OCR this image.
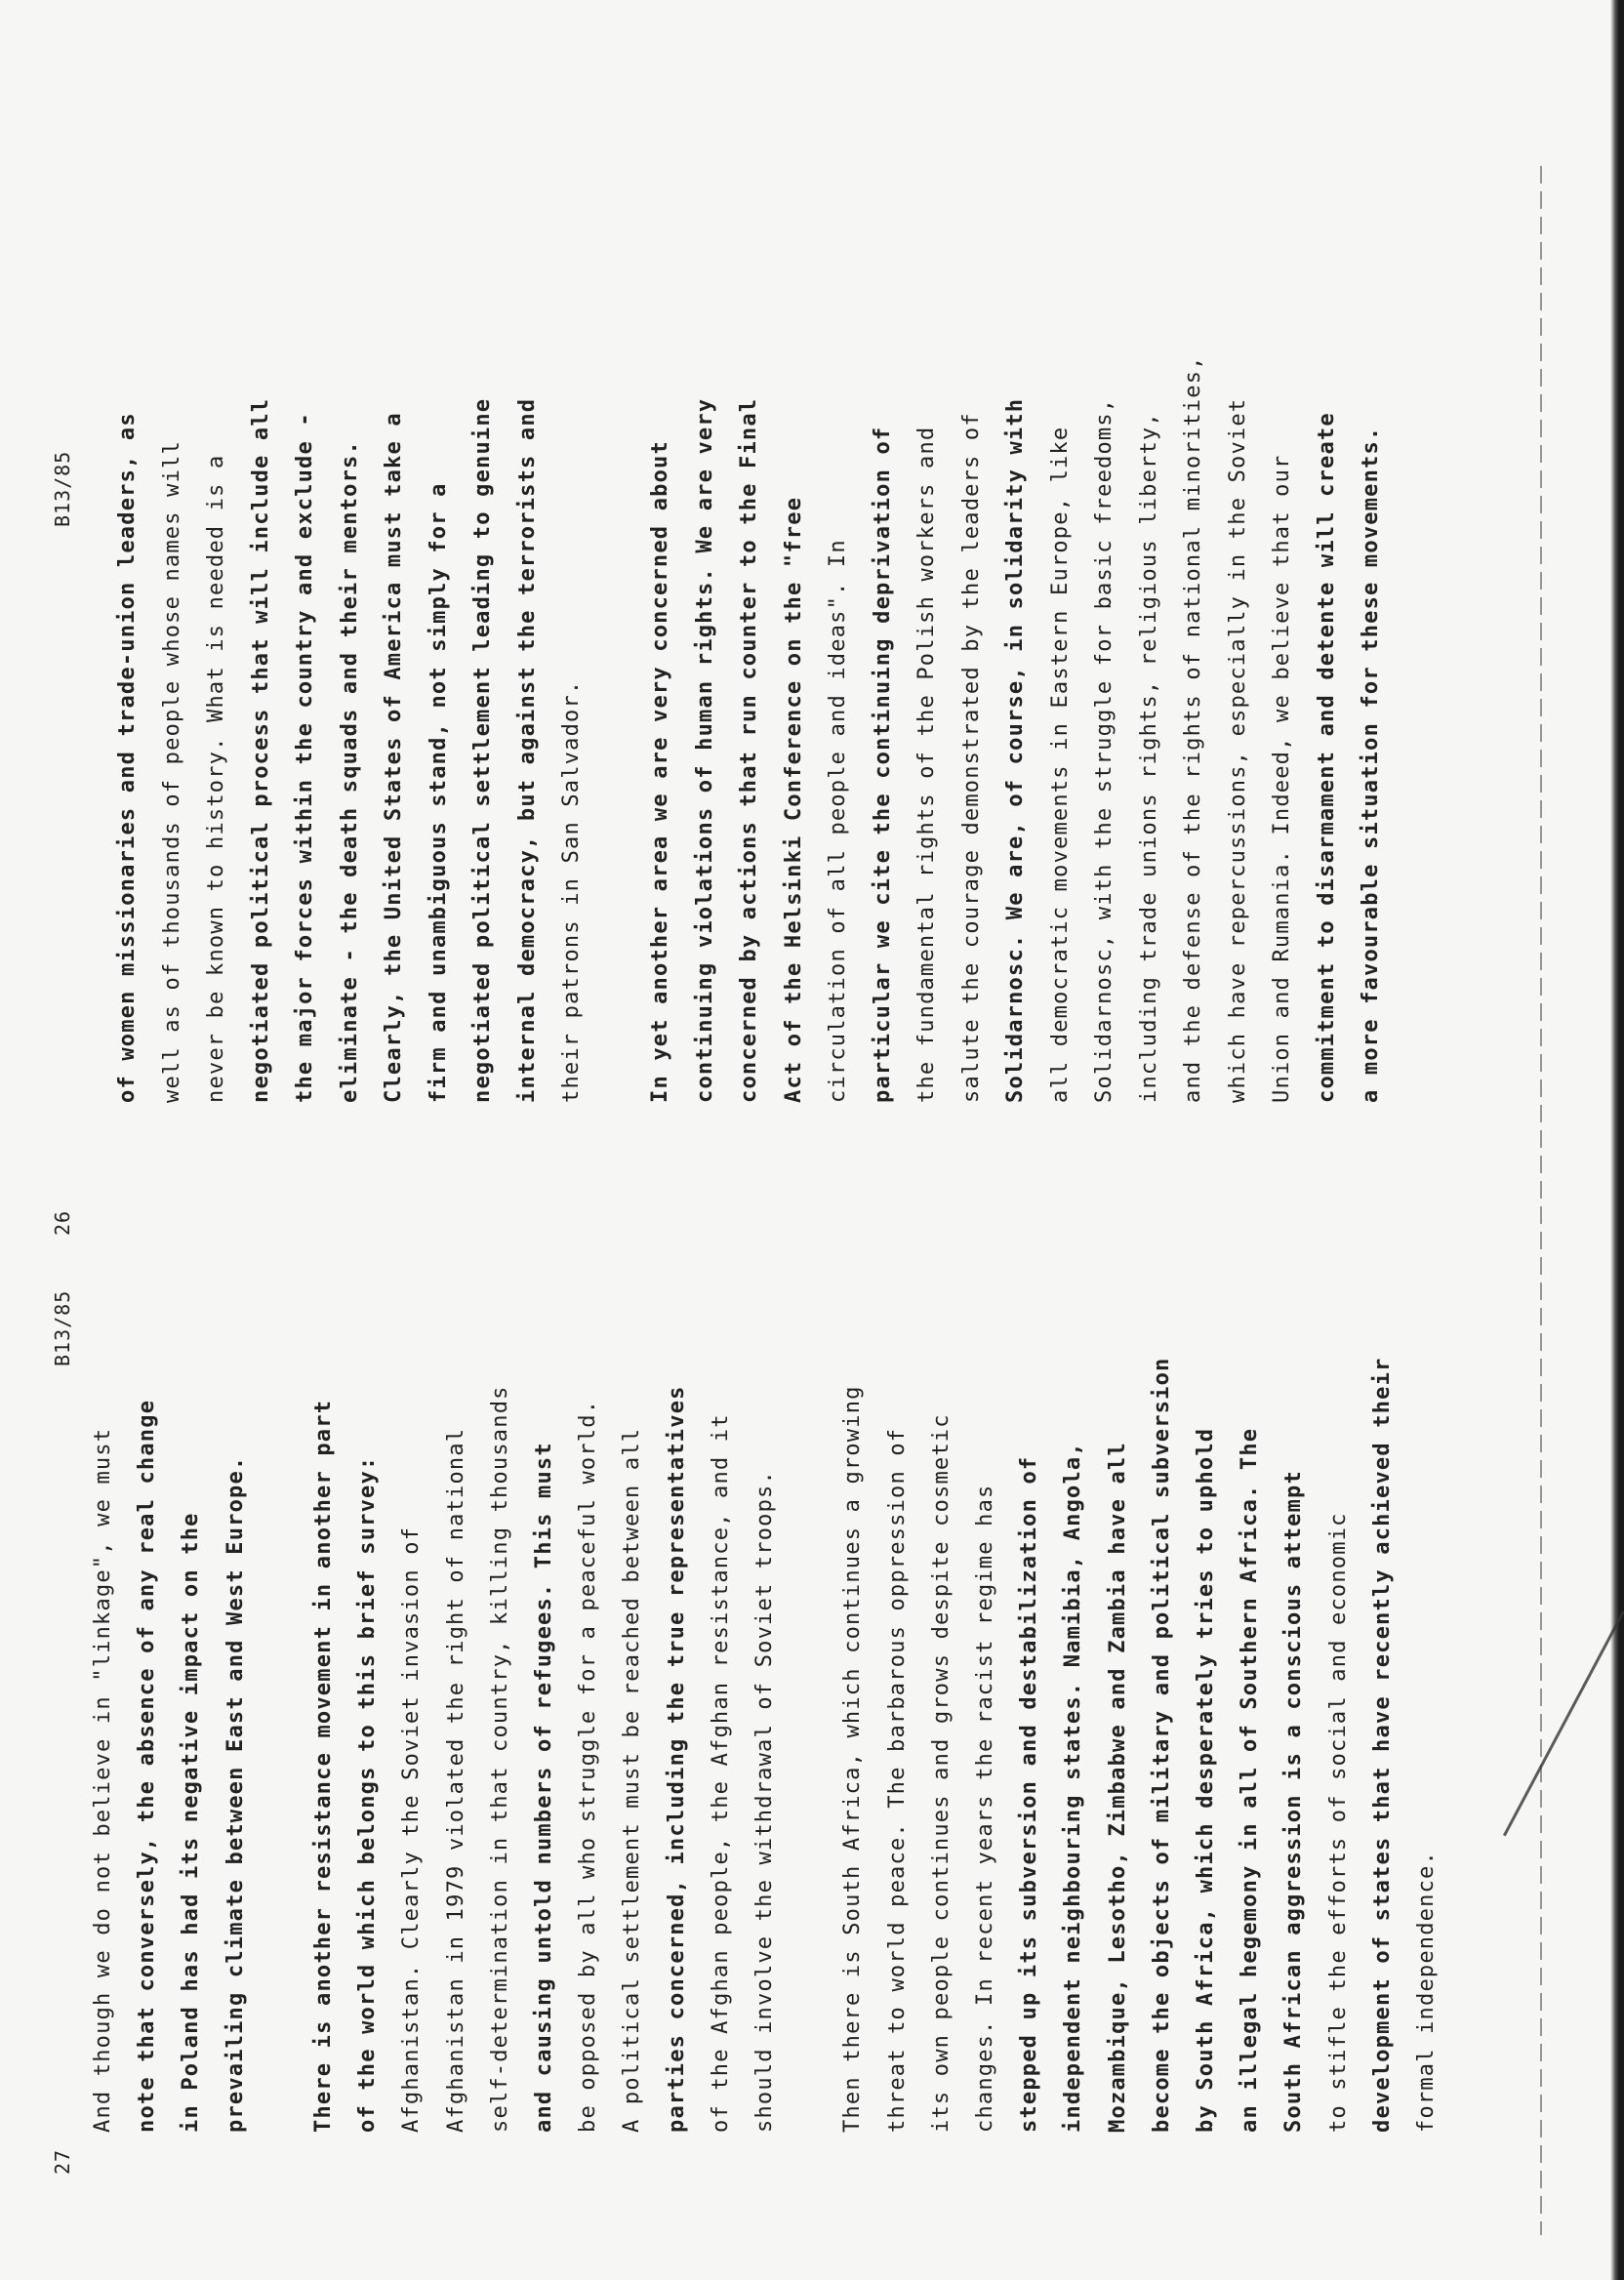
26
B13/85
27
B13/85
of women missionaries and trade-union leaders, as well as of thousands of people whose names will never be known to history. What is needed is a negotiated political process that will include all the major forces within the country and exclude - eliminate - the death squads and their mentors. Clearly, the United States of America must take a firm and unambiguous stand, not simply for a negotiated political settlement leading to genuine internal democracy, but against the terrorists and their patrons in San Salvador.	In yet another area we are very concerned about continuing violations of human rights. We are very concerned by actions that run counter to the Final Act of the Helsinki Conference on the "free circulation of all people and ideas". In particular we cite the continuing deprivation of the fundamental rights of the Polish workers and salute the courage demonstrated by the leaders of Solidarnosc. We are, of course, in solidarity with all democratic movements in Eastern Europe, like Solidarnosc, with the struggle for basic freedoms, including trade unions rights, religious liberty, and the defense of the rights of national minorities, which have repercussions, especially in the Soviet Union and Rumania. Indeed, we believe that our commitment to disarmament and detente will create a more favourable situation for these movements.
And though we do not believe in "linkage", we must note that conversely, the absence of any real change in Poland has had its negative impact on the prevailing climate between East and West Europe.	There is another resistance movement in another part of the world which belongs to this brief survey: Afghanistan. Clearly the Soviet invasion of Afghanistan in 1979 violated the right of national self-determination in that country, killing thousands and causing untold numbers of refugees. This must be opposed by all who struggle for a peaceful world. A political settlement must be reached between all parties concerned, including the true representatives of the Afghan people, the Afghan resistance, and it should involve the withdrawal of Soviet troops.	Then there is South Africa, which continues a growing threat to world peace. The barbarous oppression of its own people continues and grows despite cosmetic changes. In recent years the racist regime has stepped up its subversion and destabilization of independent neighbouring states. Namibia, Angola, Mozambique, Lesotho, Zimbabwe and Zambia have all become the objects of military and political subversion by South Africa, which desperately tries to uphold an illegal hegemony in all of Southern Africa. The South African aggression is a conscious attempt to stifle the efforts of social and economic development of states that have recently achieved their formal independence.
